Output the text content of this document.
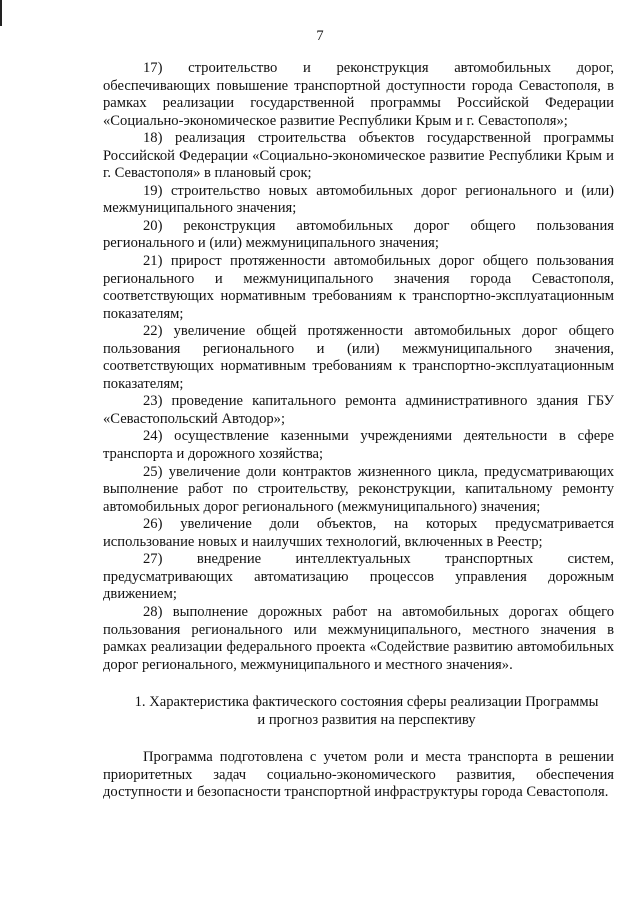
7

17) строительство и реконструкция автомобильных дорог, обеспечивающих повышение транспортной доступности города Севастополя, в рамках реализации государственной программы Российской Федерации «Социально-экономическое развитие Республики Крым и г. Севастополя»;

18) реализация строительства объектов государственной программы Российской Федерации «Социально-экономическое развитие Республики Крым и г. Севастополя» в плановый срок;

19) строительство новых автомобильных дорог регионального и (или) межмуниципального значения;

20) реконструкция автомобильных дорог общего пользования регионального и (или) межмуниципального значения;

21) прирост протяженности автомобильных дорог общего пользования регионального и межмуниципального значения города Севастополя, соответствующих нормативным требованиям к транспортно-эксплуатационным показателям;

22) увеличение общей протяженности автомобильных дорог общего пользования регионального и (или) межмуниципального значения, соответствующих нормативным требованиям к транспортно-эксплуатационным показателям;

23) проведение капитального ремонта административного здания ГБУ «Севастопольский Автодор»;

24) осуществление казенными учреждениями деятельности в сфере транспорта и дорожного хозяйства;

25) увеличение доли контрактов жизненного цикла, предусматривающих выполнение работ по строительству, реконструкции, капитальному ремонту автомобильных дорог регионального (межмуниципального) значения;

26) увеличение доли объектов, на которых предусматривается использование новых и наилучших технологий, включенных в Реестр;

27) внедрение интеллектуальных транспортных систем, предусматривающих автоматизацию процессов управления дорожным движением;

28) выполнение дорожных работ на автомобильных дорогах общего пользования регионального или межмуниципального, местного значения в рамках реализации федерального проекта «Содействие развитию автомобильных дорог регионального, межмуниципального и местного значения».

1. Характеристика фактического состояния сферы реализации Программы
и прогноз развития на перспективу

Программа подготовлена с учетом роли и места транспорта в решении приоритетных задач социально-экономического развития, обеспечения доступности и безопасности транспортной инфраструктуры города Севастополя.
